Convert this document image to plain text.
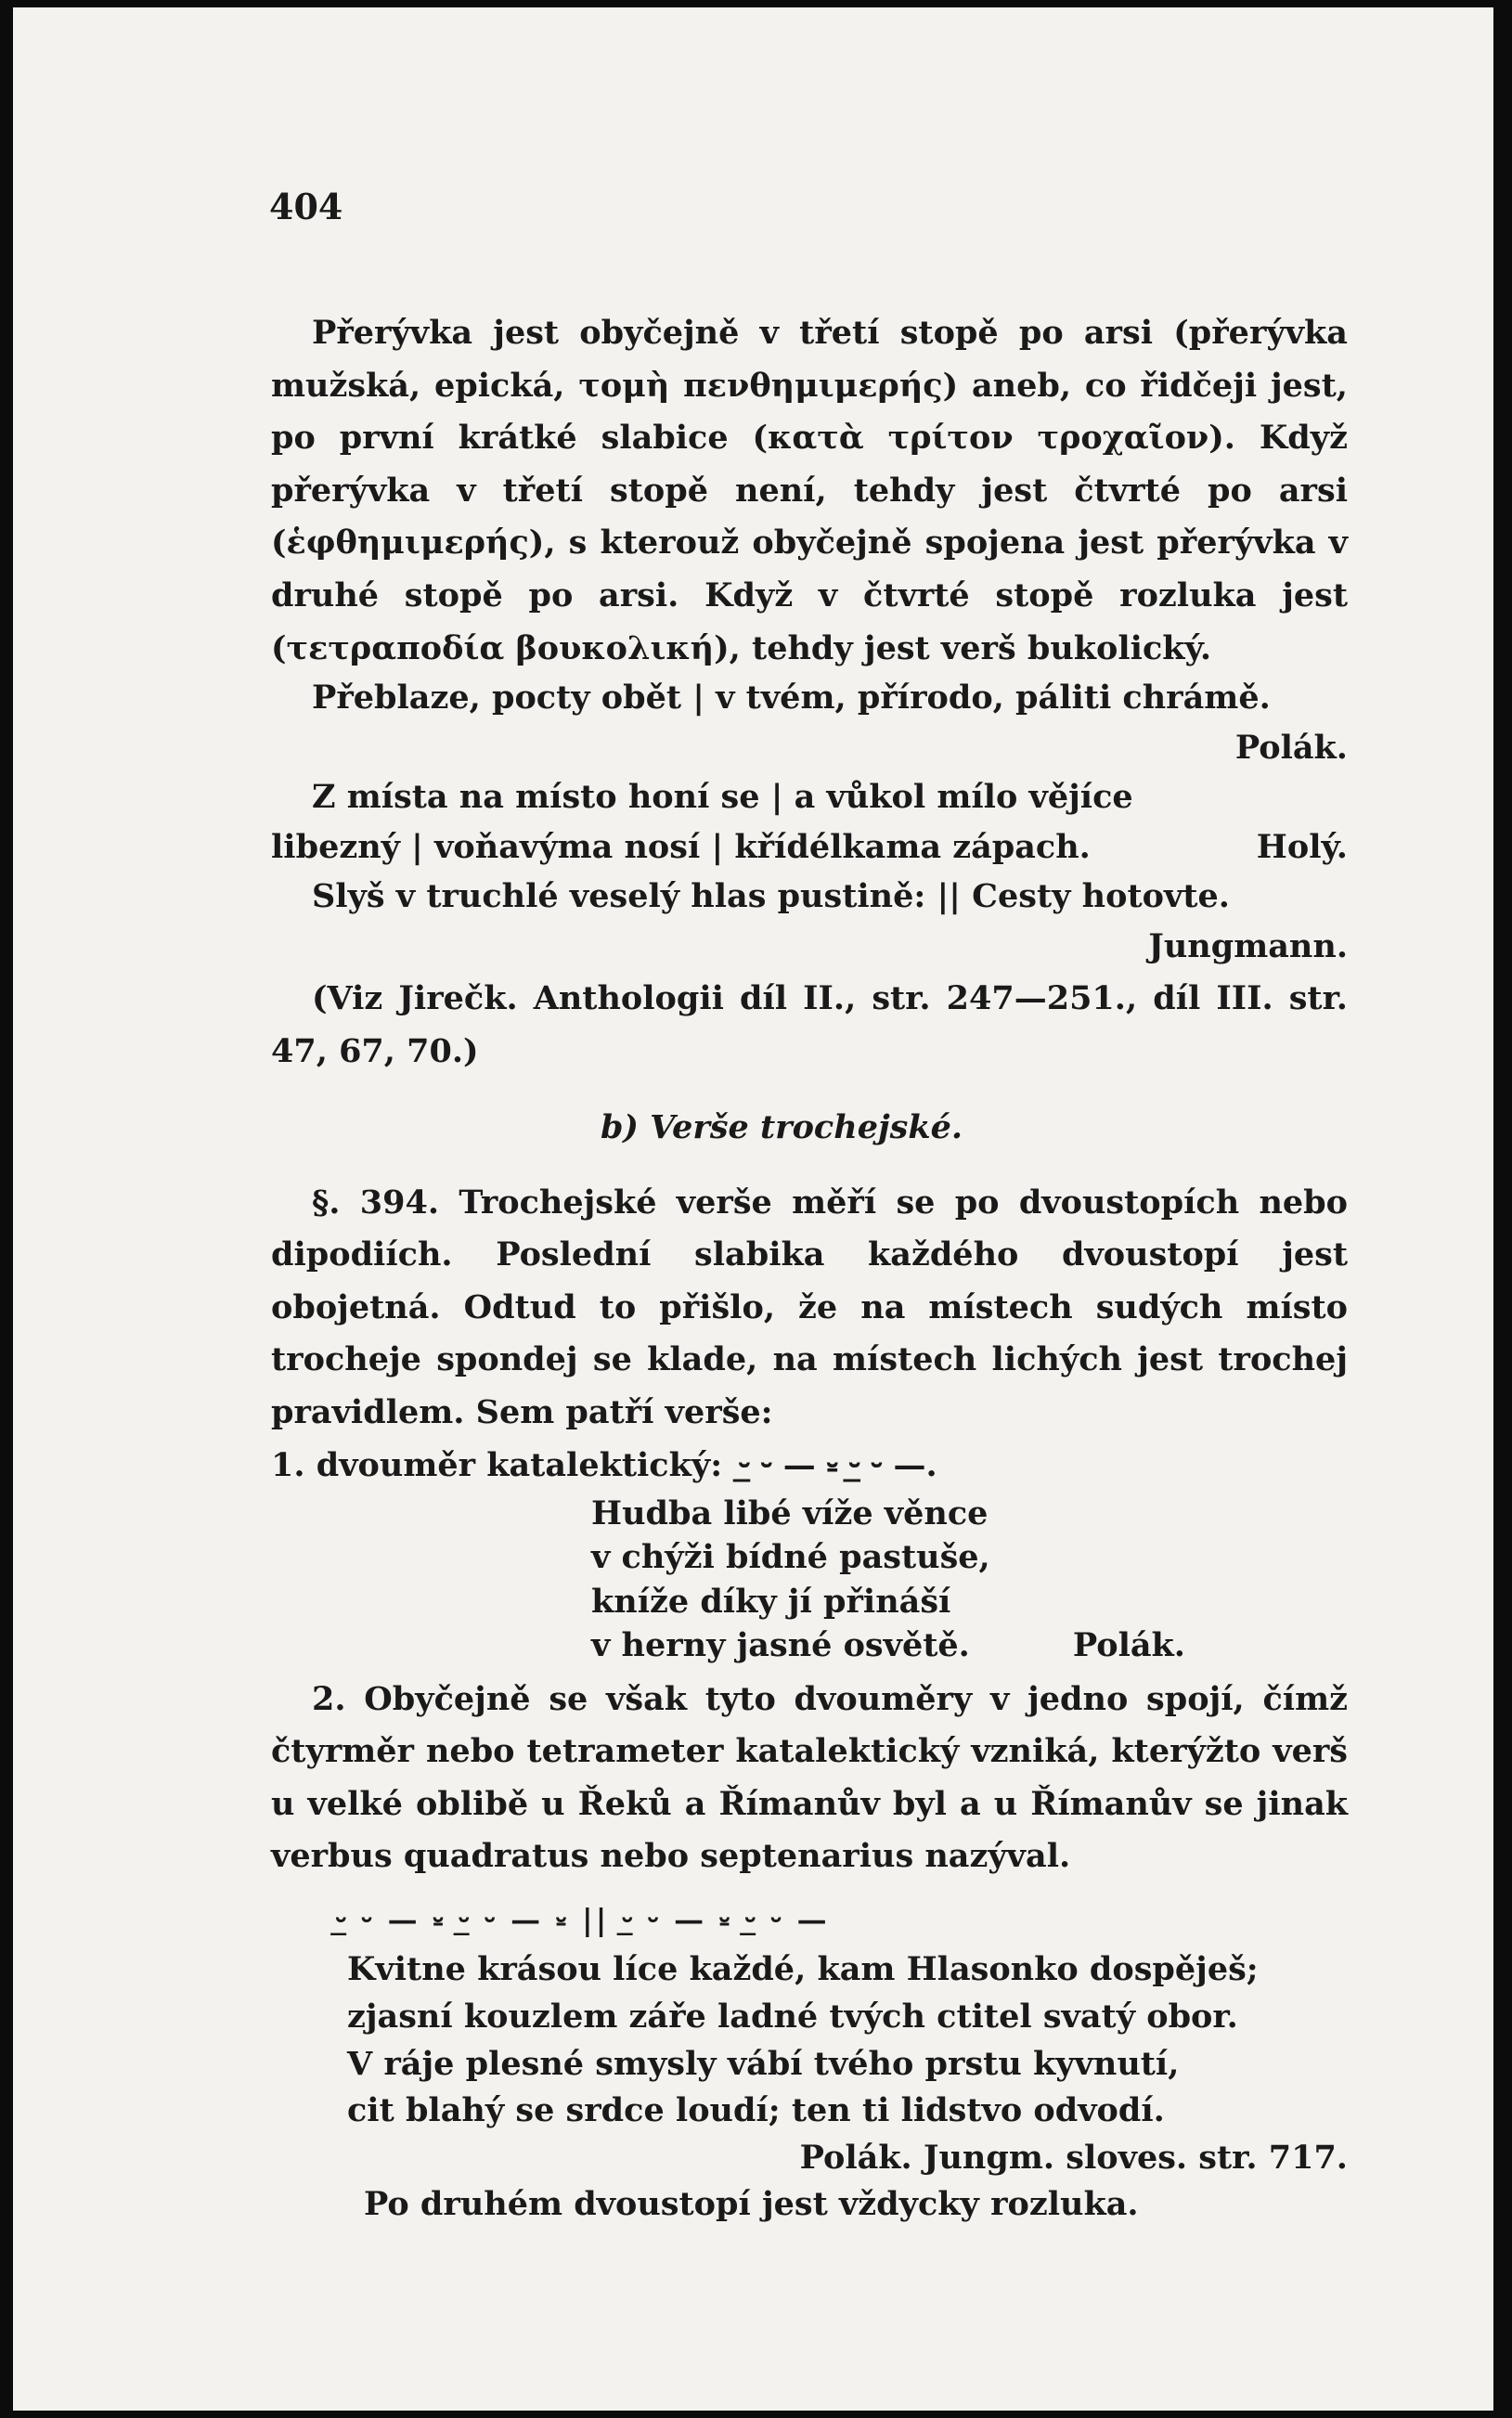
404

Přerývka jest obyčejně v třetí stopě po arsi (přerývka mužská, epická, τομὴ πενθημιμερής) aneb, co řidčeji jest, po první krátké slabice (κατὰ τρίτον τροχαῖον). Když přerývka v třetí stopě není, tehdy jest čtvrté po arsi (ἑφθημιμερής), s kterouž obyčejně spojena jest přerývka v druhé stopě po arsi. Když v čtvrté stopě rozluka jest (τετραποδία βουκολική), tehdy jest verš bukolický.

Přeblaze, pocty obět | v tvém, přírodo, páliti chrámě.

Polák.

Z místa na místo honí se | a vůkol mílo vějíce

libezný | voňavýma nosí | křídélkama zápach.	Holý.

Slyš v truchlé veselý hlas pustině: || Cesty hotovte.

Jungmann.

(Viz Jirečk. Anthologii díl II., str. 247—251., díl III. str. 47, 67, 70.)

b) Verše trochejské.

§. 394. Trochejské verše měří se po dvoustopích nebo dipodiích. Poslední slabika každého dvoustopí jest obojetná. Odtud to přišlo, že na místech sudých místo trocheje spondej se klade, na místech lichých jest trochej pravidlem. Sem patří verše:

1. dvouměr katalektický: ⏑̲ ⏑ — ⏓ ⏑̲ ⏑ —.
Hudba libé víže věnce
v chýži bídné pastuše,
kníže díky jí přináší
v herny jasné osvětě.	Polák.

2. Obyčejně se však tyto dvouměry v jedno spojí, čímž čtyrměr nebo tetrameter katalektický vzniká, kterýžto verš u velké oblibě u Řeků a Římanův byl a u Římanův se jinak verbus quadratus nebo septenarius nazýval.

⏑̲ ⏑ — ⏓ ⏑̲ ⏑ — ⏓ || ⏑̲ ⏑ — ⏓ ⏑̲ ⏑ —
Kvitne krásou líce každé, kam Hlasonko dospěješ;
zjasní kouzlem záře ladné tvých ctitel svatý obor.
V ráje plesné smysly vábí tvého prstu kyvnutí,
cit blahý se srdce loudí; ten ti lidstvo odvodí.
Polák. Jungm. sloves. str. 717.
Po druhém dvoustopí jest vždycky rozluka.
